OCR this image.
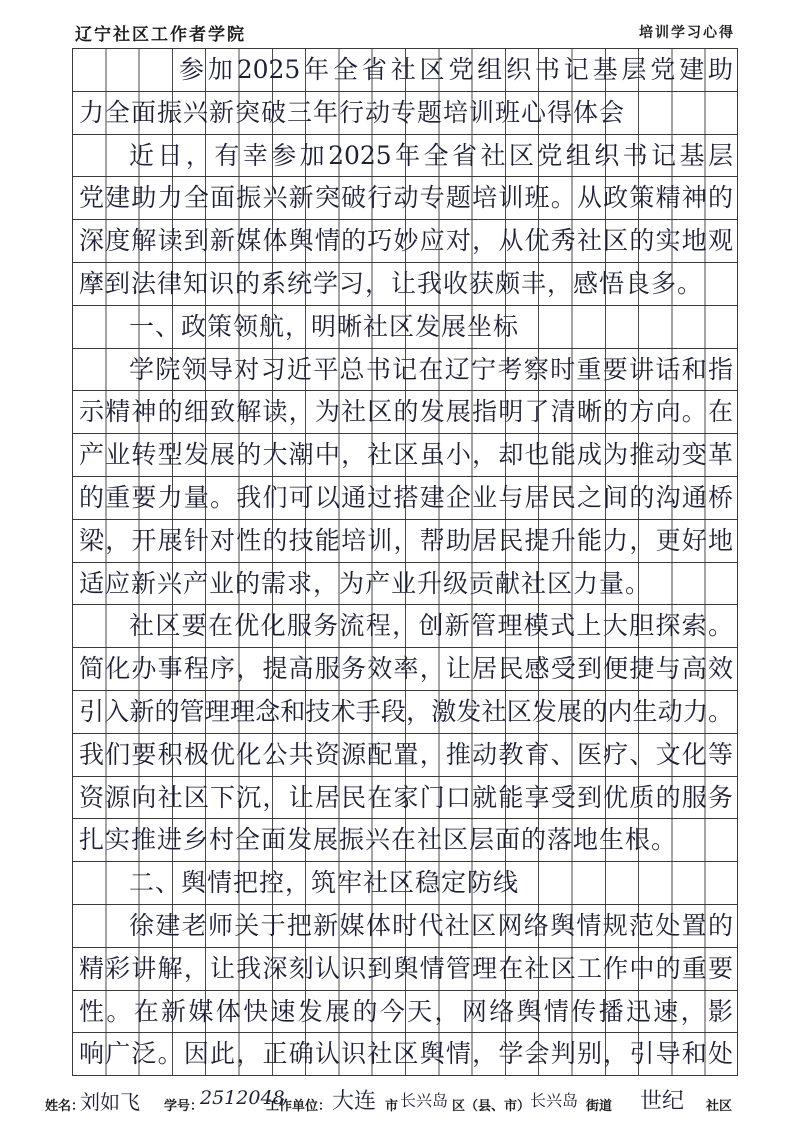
辽宁社区工作者学院	培训学习心得
参加2025年全省社区党组织书记基层党建助
力全面振兴新突破三年行动专题培训班心得体会
近日，有幸参加2025年全省社区党组织书记基层
党建助力全面振兴新突破行动专题培训班。从政策精神的
深度解读到新媒体舆情的巧妙应对，从优秀社区的实地观
摩到法律知识的系统学习，让我收获颇丰，感悟良多。
一、政策领航，明晰社区发展坐标
学院领导对习近平总书记在辽宁考察时重要讲话和指
示精神的细致解读，为社区的发展指明了清晰的方向。在
产业转型发展的大潮中，社区虽小，却也能成为推动变革
的重要力量。我们可以通过搭建企业与居民之间的沟通桥
梁，开展针对性的技能培训，帮助居民提升能力，更好地
适应新兴产业的需求，为产业升级贡献社区力量。
社区要在优化服务流程，创新管理模式上大胆探索。
简化办事程序，提高服务效率，让居民感受到便捷与高效
引入新的管理理念和技术手段，激发社区发展的内生动力。
我们要积极优化公共资源配置，推动教育、医疗、文化等
资源向社区下沉，让居民在家门口就能享受到优质的服务
扎实推进乡村全面发展振兴在社区层面的落地生根。
二、舆情把控，筑牢社区稳定防线
徐建老师关于把新媒体时代社区网络舆情规范处置的
精彩讲解，让我深刻认识到舆情管理在社区工作中的重要
性。在新媒体快速发展的今天，网络舆情传播迅速，影
响广泛。因此，正确认识社区舆情，学会判别，引导和处
姓名：
刘如飞 学号：	工作单位：
2512048 大连 市 长兴岛 区（县、市） 长兴岛 街道 世纪 社区
